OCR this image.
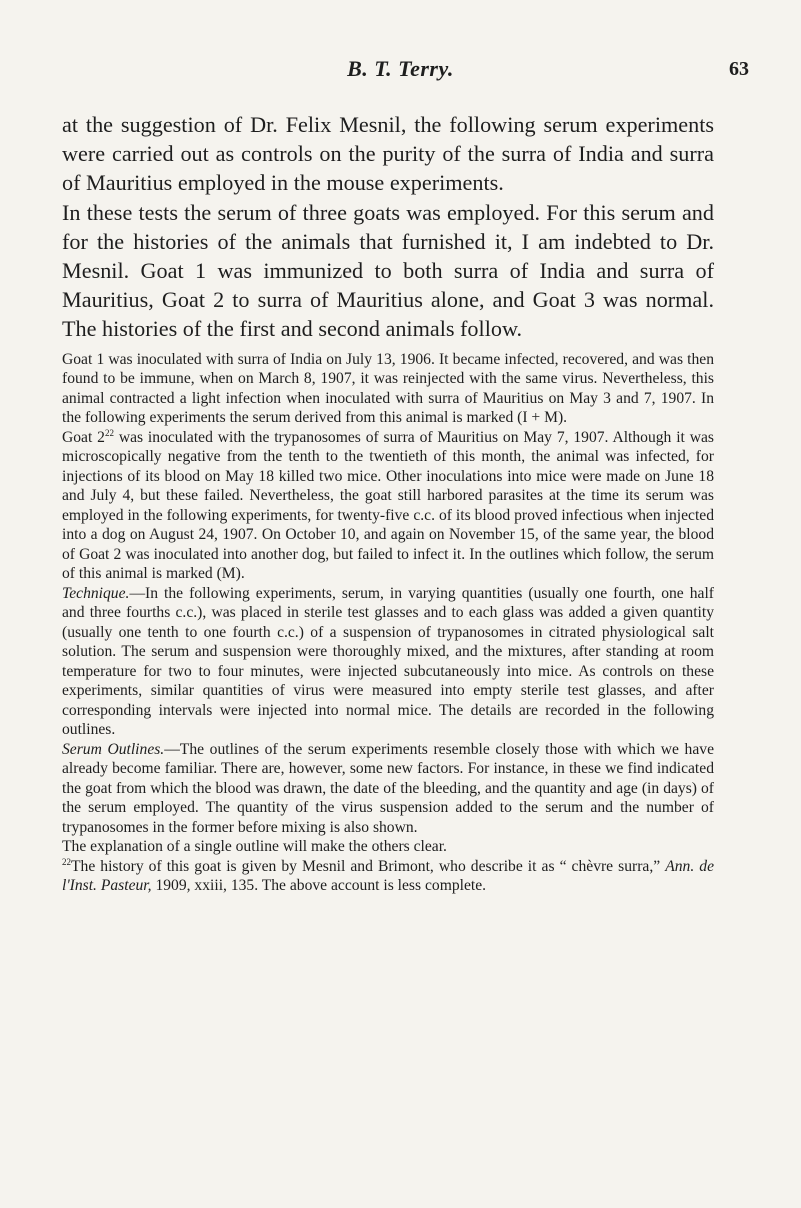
B. T. Terry.	63

at the suggestion of Dr. Felix Mesnil, the following serum experiments were carried out as controls on the purity of the surra of India and surra of Mauritius employed in the mouse experiments.

In these tests the serum of three goats was employed. For this serum and for the histories of the animals that furnished it, I am indebted to Dr. Mesnil. Goat 1 was immunized to both surra of India and surra of Mauritius, Goat 2 to surra of Mauritius alone, and Goat 3 was normal. The histories of the first and second animals follow.

Goat 1 was inoculated with surra of India on July 13, 1906. It became infected, recovered, and was then found to be immune, when on March 8, 1907, it was reinjected with the same virus. Nevertheless, this animal contracted a light infection when inoculated with surra of Mauritius on May 3 and 7, 1907. In the following experiments the serum derived from this animal is marked (I + M).

Goat $2^{22}$ was inoculated with the trypanosomes of surra of Mauritius on May 7, 1907. Although it was microscopically negative from the tenth to the twentieth of this month, the animal was infected, for injections of its blood on May 18 killed two mice. Other inoculations into mice were made on June 18 and July 4, but these failed. Nevertheless, the goat still harbored parasites at the time its serum was employed in the following experiments, for twenty-five c.c. of its blood proved infectious when injected into a dog on August 24, 1907. On October 10, and again on November 15, of the same year, the blood of Goat 2 was inoculated into another dog, but failed to infect it. In the outlines which follow, the serum of this animal is marked (M).

Technique.—In the following experiments, serum, in varying quantities (usually one fourth, one half and three fourths c.c.), was placed in sterile test glasses and to each glass was added a given quantity (usually one tenth to one fourth c.c.) of a suspension of trypanosomes in citrated physiological salt solution. The serum and suspension were thoroughly mixed, and the mixtures, after standing at room temperature for two to four minutes, were injected subcutaneously into mice. As controls on these experiments, similar quantities of virus were measured into empty sterile test glasses, and after corresponding intervals were injected into normal mice. The details are recorded in the following outlines.

Serum Outlines.—The outlines of the serum experiments resemble closely those with which we have already become familiar. There are, however, some new factors. For instance, in these we find indicated the goat from which the blood was drawn, the date of the bleeding, and the quantity and age (in days) of the serum employed. The quantity of the virus suspension added to the serum and the number of trypanosomes in the former before mixing is also shown.

The explanation of a single outline will make the others clear.

$^{22}$The history of this goat is given by Mesnil and Brimont, who describe it as “ chèvre surra,” Ann. de l'Inst. Pasteur, 1909, xxiii, 135. The above account is less complete.
